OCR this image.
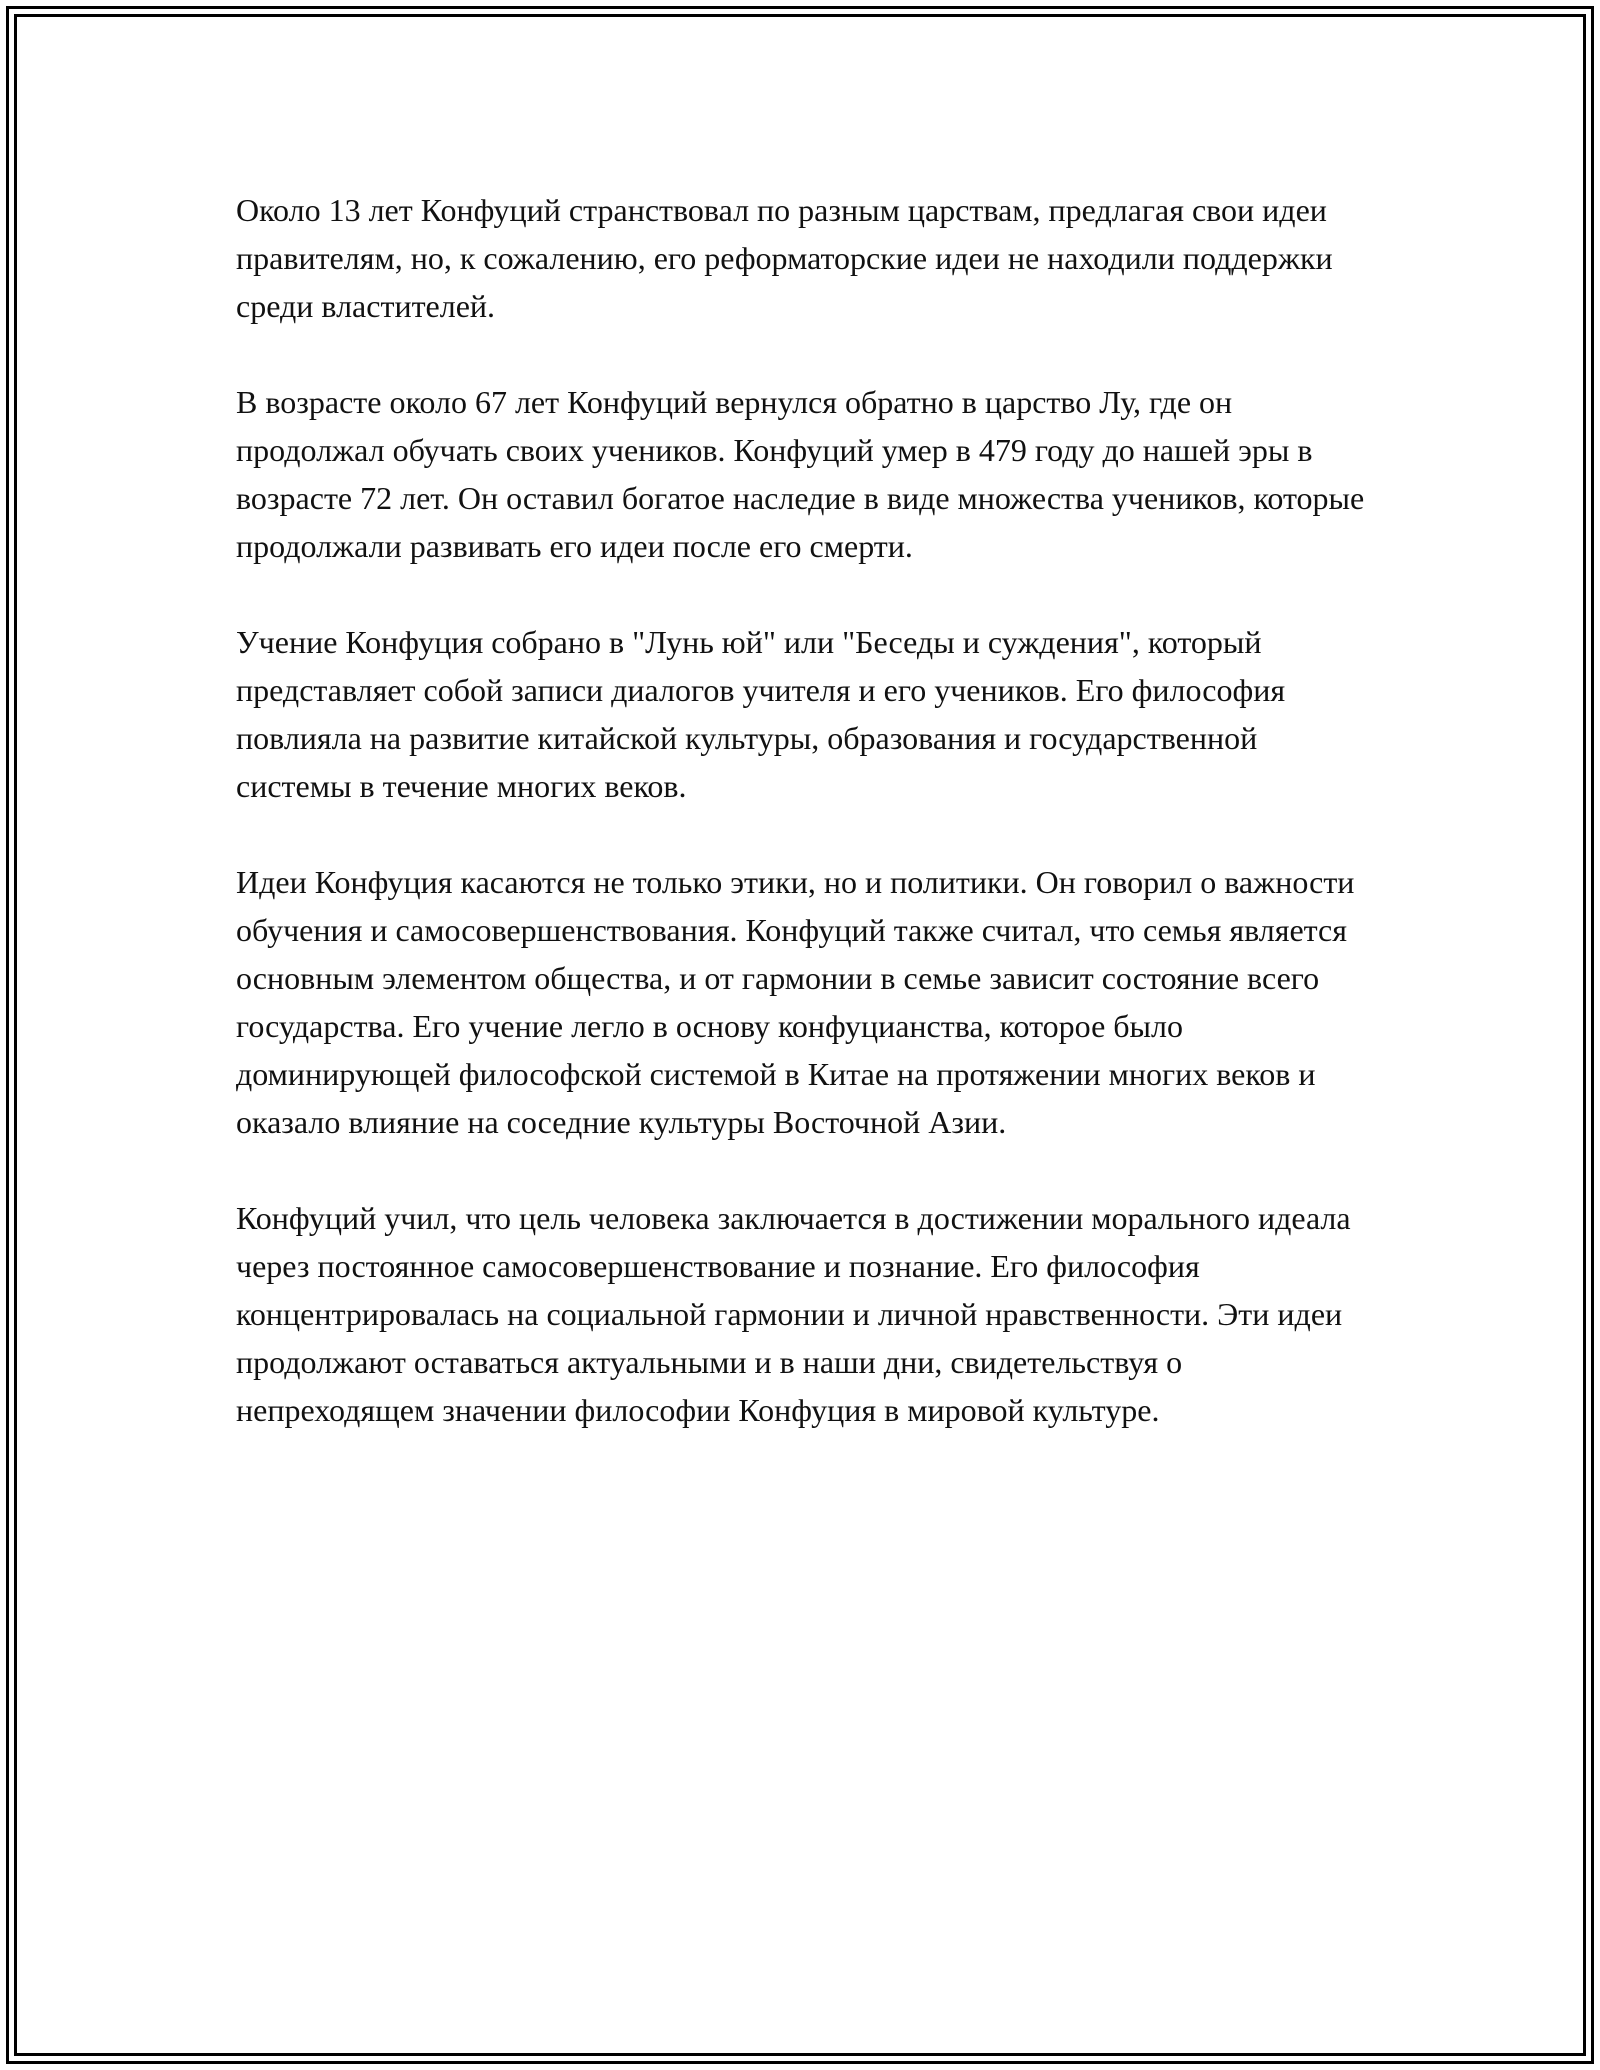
Около 13 лет Конфуций странствовал по разным царствам, предлагая свои идеи правителям, но, к сожалению, его реформаторские идеи не находили поддержки среди властителей.

В возрасте около 67 лет Конфуций вернулся обратно в царство Лу, где он продолжал обучать своих учеников. Конфуций умер в 479 году до нашей эры в возрасте 72 лет. Он оставил богатое наследие в виде множества учеников, которые продолжали развивать его идеи после его смерти.

Учение Конфуция собрано в "Лунь юй" или "Беседы и суждения", который представляет собой записи диалогов учителя и его учеников. Его философия повлияла на развитие китайской культуры, образования и государственной системы в течение многих веков.

Идеи Конфуция касаются не только этики, но и политики. Он говорил о важности обучения и самосовершенствования. Конфуций также считал, что семья является основным элементом общества, и от гармонии в семье зависит состояние всего государства. Его учение легло в основу конфуцианства, которое было доминирующей философской системой в Китае на протяжении многих веков и оказало влияние на соседние культуры Восточной Азии.

Конфуций учил, что цель человека заключается в достижении морального идеала через постоянное самосовершенствование и познание. Его философия концентрировалась на социальной гармонии и личной нравственности. Эти идеи продолжают оставаться актуальными и в наши дни, свидетельствуя о непреходящем значении философии Конфуция в мировой культуре.
